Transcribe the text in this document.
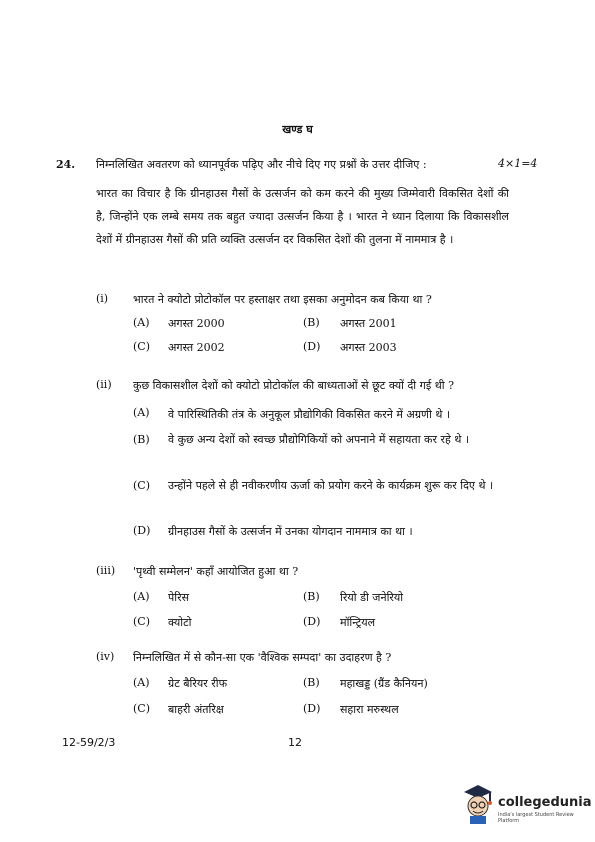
खण्ड घ
24. निम्नलिखित अवतरण को ध्यानपूर्वक पढ़िए और नीचे दिए गए प्रश्नों के उत्तर दीजिए :	4×1=4

भारत का विचार है कि ग्रीनहाउस गैसों के उत्सर्जन को कम करने की मुख्य जिम्मेवारी विकसित देशों की है, जिन्होंने एक लम्बे समय तक बहुत ज्यादा उत्सर्जन किया है । भारत ने ध्यान दिलाया कि विकासशील देशों में ग्रीनहाउस गैसों की प्रति व्यक्ति उत्सर्जन दर विकसित देशों की तुलना में नाममात्र है ।

(i) भारत ने क्योटो प्रोटोकॉल पर हस्ताक्षर तथा इसका अनुमोदन कब किया था ?
(A) अगस्त 2000	(B) अगस्त 2001
(C) अगस्त 2002	(D) अगस्त 2003
(ii) कुछ विकासशील देशों को क्योटो प्रोटोकॉल की बाध्यताओं से छूट क्यों दी गई थी ?
(A) वे पारिस्थितिकी तंत्र के अनुकूल प्रौद्योगिकी विकसित करने में अग्रणी थे ।

(B) वे कुछ अन्य देशों को स्वच्छ प्रौद्योगिकियों को अपनाने में सहायता कर रहे थे ।

(C) उन्होंने पहले से ही नवीकरणीय ऊर्जा को प्रयोग करने के कार्यक्रम शुरू कर दिए थे ।

(D) ग्रीनहाउस गैसों के उत्सर्जन में उनका योगदान नाममात्र का था ।

(iii) 'पृथ्वी सम्मेलन' कहाँ आयोजित हुआ था ?
(A) पेरिस	(B) रियो डी जनेरियो
(C) क्योटो	(D) मॉन्ट्रियल
(iv) निम्नलिखित में से कौन-सा एक 'वैश्विक सम्पदा' का उदाहरण है ?
(A) ग्रेट बैरियर रीफ	(B) महाखड्ड (ग्रैंड कैनियन)
(C) बाहरी अंतरिक्ष	(D) सहारा मरुस्थल
12-59/2/3	12
collegedunia
India's largest Student Review Platform
